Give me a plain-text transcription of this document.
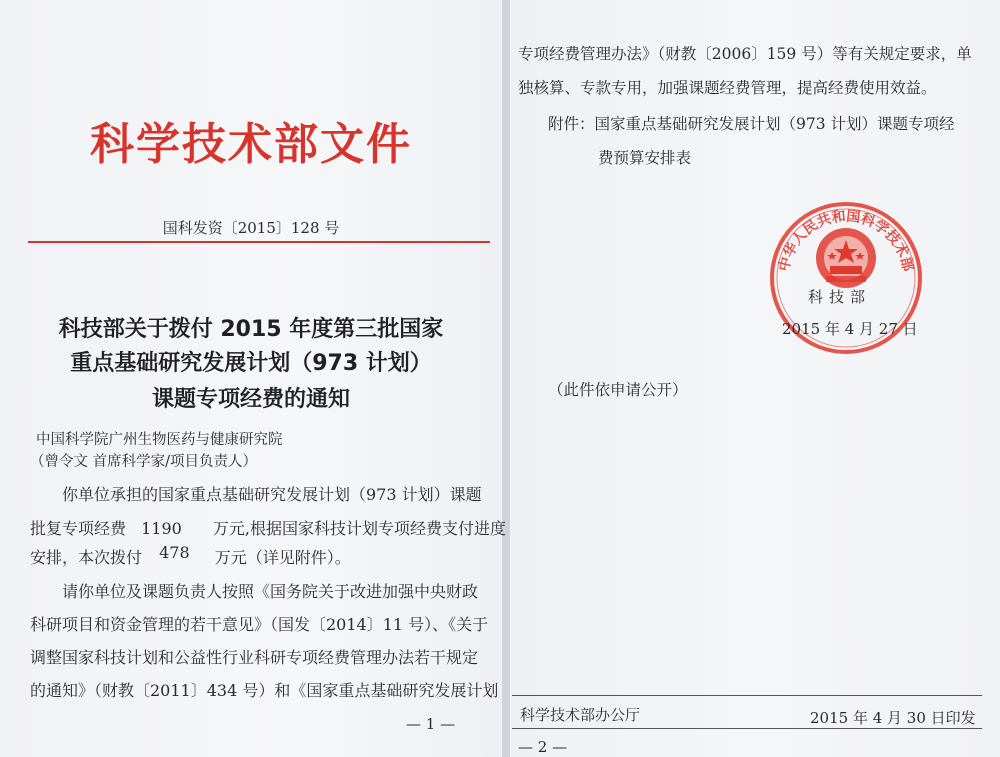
科学技术部文件
国科发资〔2015〕128 号
科技部关于拨付 2015 年度第三批国家
重点基础研究发展计划（973 计划）
课题专项经费的通知
中国科学院广州生物医药与健康研究院
（曾令文 首席科学家/项目负责人）
你单位承担的国家重点基础研究发展计划（973 计划）课题
批复专项经费 1190 万元,根据国家科技计划专项经费支付进度
安排，本次拨付 478 万元（详见附件）。
请你单位及课题负责人按照《国务院关于改进加强中央财政
科研项目和资金管理的若干意见》（国发〔2014〕11 号）、《关于
调整国家科技计划和公益性行业科研专项经费管理办法若干规定
的通知》（财教〔2011〕434 号）和《国家重点基础研究发展计划
— 1 —
专项经费管理办法》（财教〔2006〕159 号）等有关规定要求，单
独核算、专款专用，加强课题经费管理，提高经费使用效益。
附件：国家重点基础研究发展计划（973 计划）课题专项经
费预算安排表
中华人民共和国科学技术部
科技部
2015 年 4 月 27 日
（此件依申请公开）
科学技术部办公厅	2015 年 4 月 30 日印发
— 2 —
